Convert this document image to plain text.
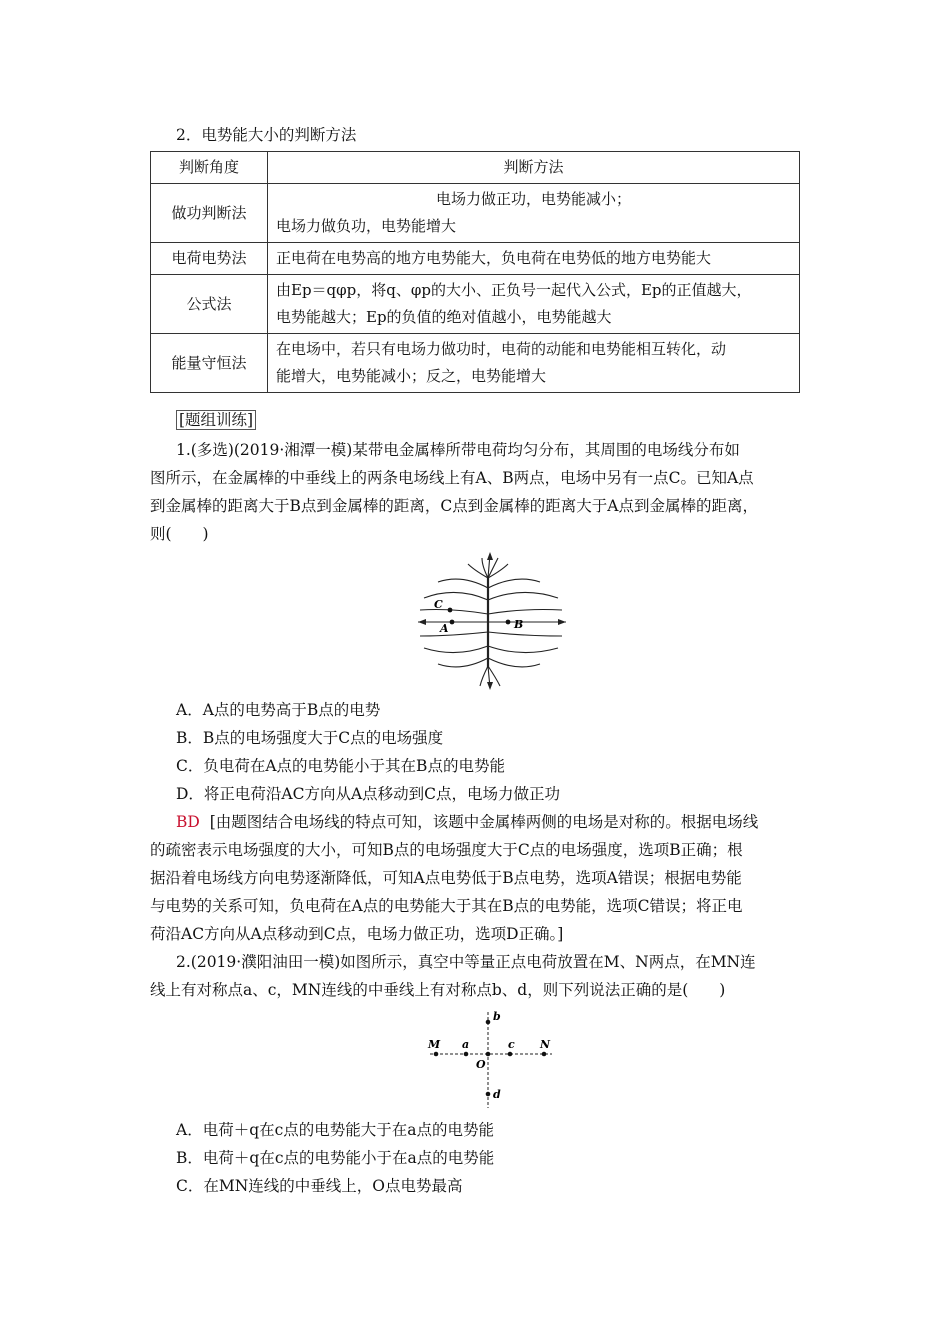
2．电势能大小的判断方法
判断角度	判断方法
做功判断法	电场力做正功，电势能减小；
电场力做负功，电势能增大

电荷电势法	正电荷在电势高的地方电势能大，负电荷在电势低的地方电势能大

公式法	由Ep＝qφp，将q、φp的大小、正负号一起代入公式，Ep的正值越大，
电势能越大；Ep的负值的绝对值越小，电势能越大

能量守恒法	在电场中，若只有电场力做功时，电荷的动能和电势能相互转化，动
能增大，电势能减小；反之，电势能增大
[题组训练]
1.(多选)(2019·湘潭一模)某带电金属棒所带电荷均匀分布，其周围的电场线分布如
图所示，在金属棒的中垂线上的两条电场线上有A、B两点，电场中另有一点C。已知A点
到金属棒的距离大于B点到金属棒的距离，C点到金属棒的距离大于A点到金属棒的距离，
则(　　)
C
A	B
A．A点的电势高于B点的电势
B．B点的电场强度大于C点的电场强度
C．负电荷在A点的电势能小于其在B点的电势能
D．将正电荷沿AC方向从A点移动到C点，电场力做正功
BD [由题图结合电场线的特点可知，该题中金属棒两侧的电场是对称的。根据电场线
的疏密表示电场强度的大小，可知B点的电场强度大于C点的电场强度，选项B正确；根
据沿着电场线方向电势逐渐降低，可知A点电势低于B点电势，选项A错误；根据电势能
与电势的关系可知，负电荷在A点的电势能大于其在B点的电势能，选项C错误；将正电
荷沿AC方向从A点移动到C点，电场力做正功，选项D正确。]
2.(2019·濮阳油田一模)如图所示，真空中等量正点电荷放置在M、N两点，在MN连
线上有对称点a、c，MN连线的中垂线上有对称点b、d，则下列说法正确的是(　　)
M a
O
c N
b
d
A．电荷＋q在c点的电势能大于在a点的电势能
B．电荷＋q在c点的电势能小于在a点的电势能
C．在MN连线的中垂线上，O点电势最高
